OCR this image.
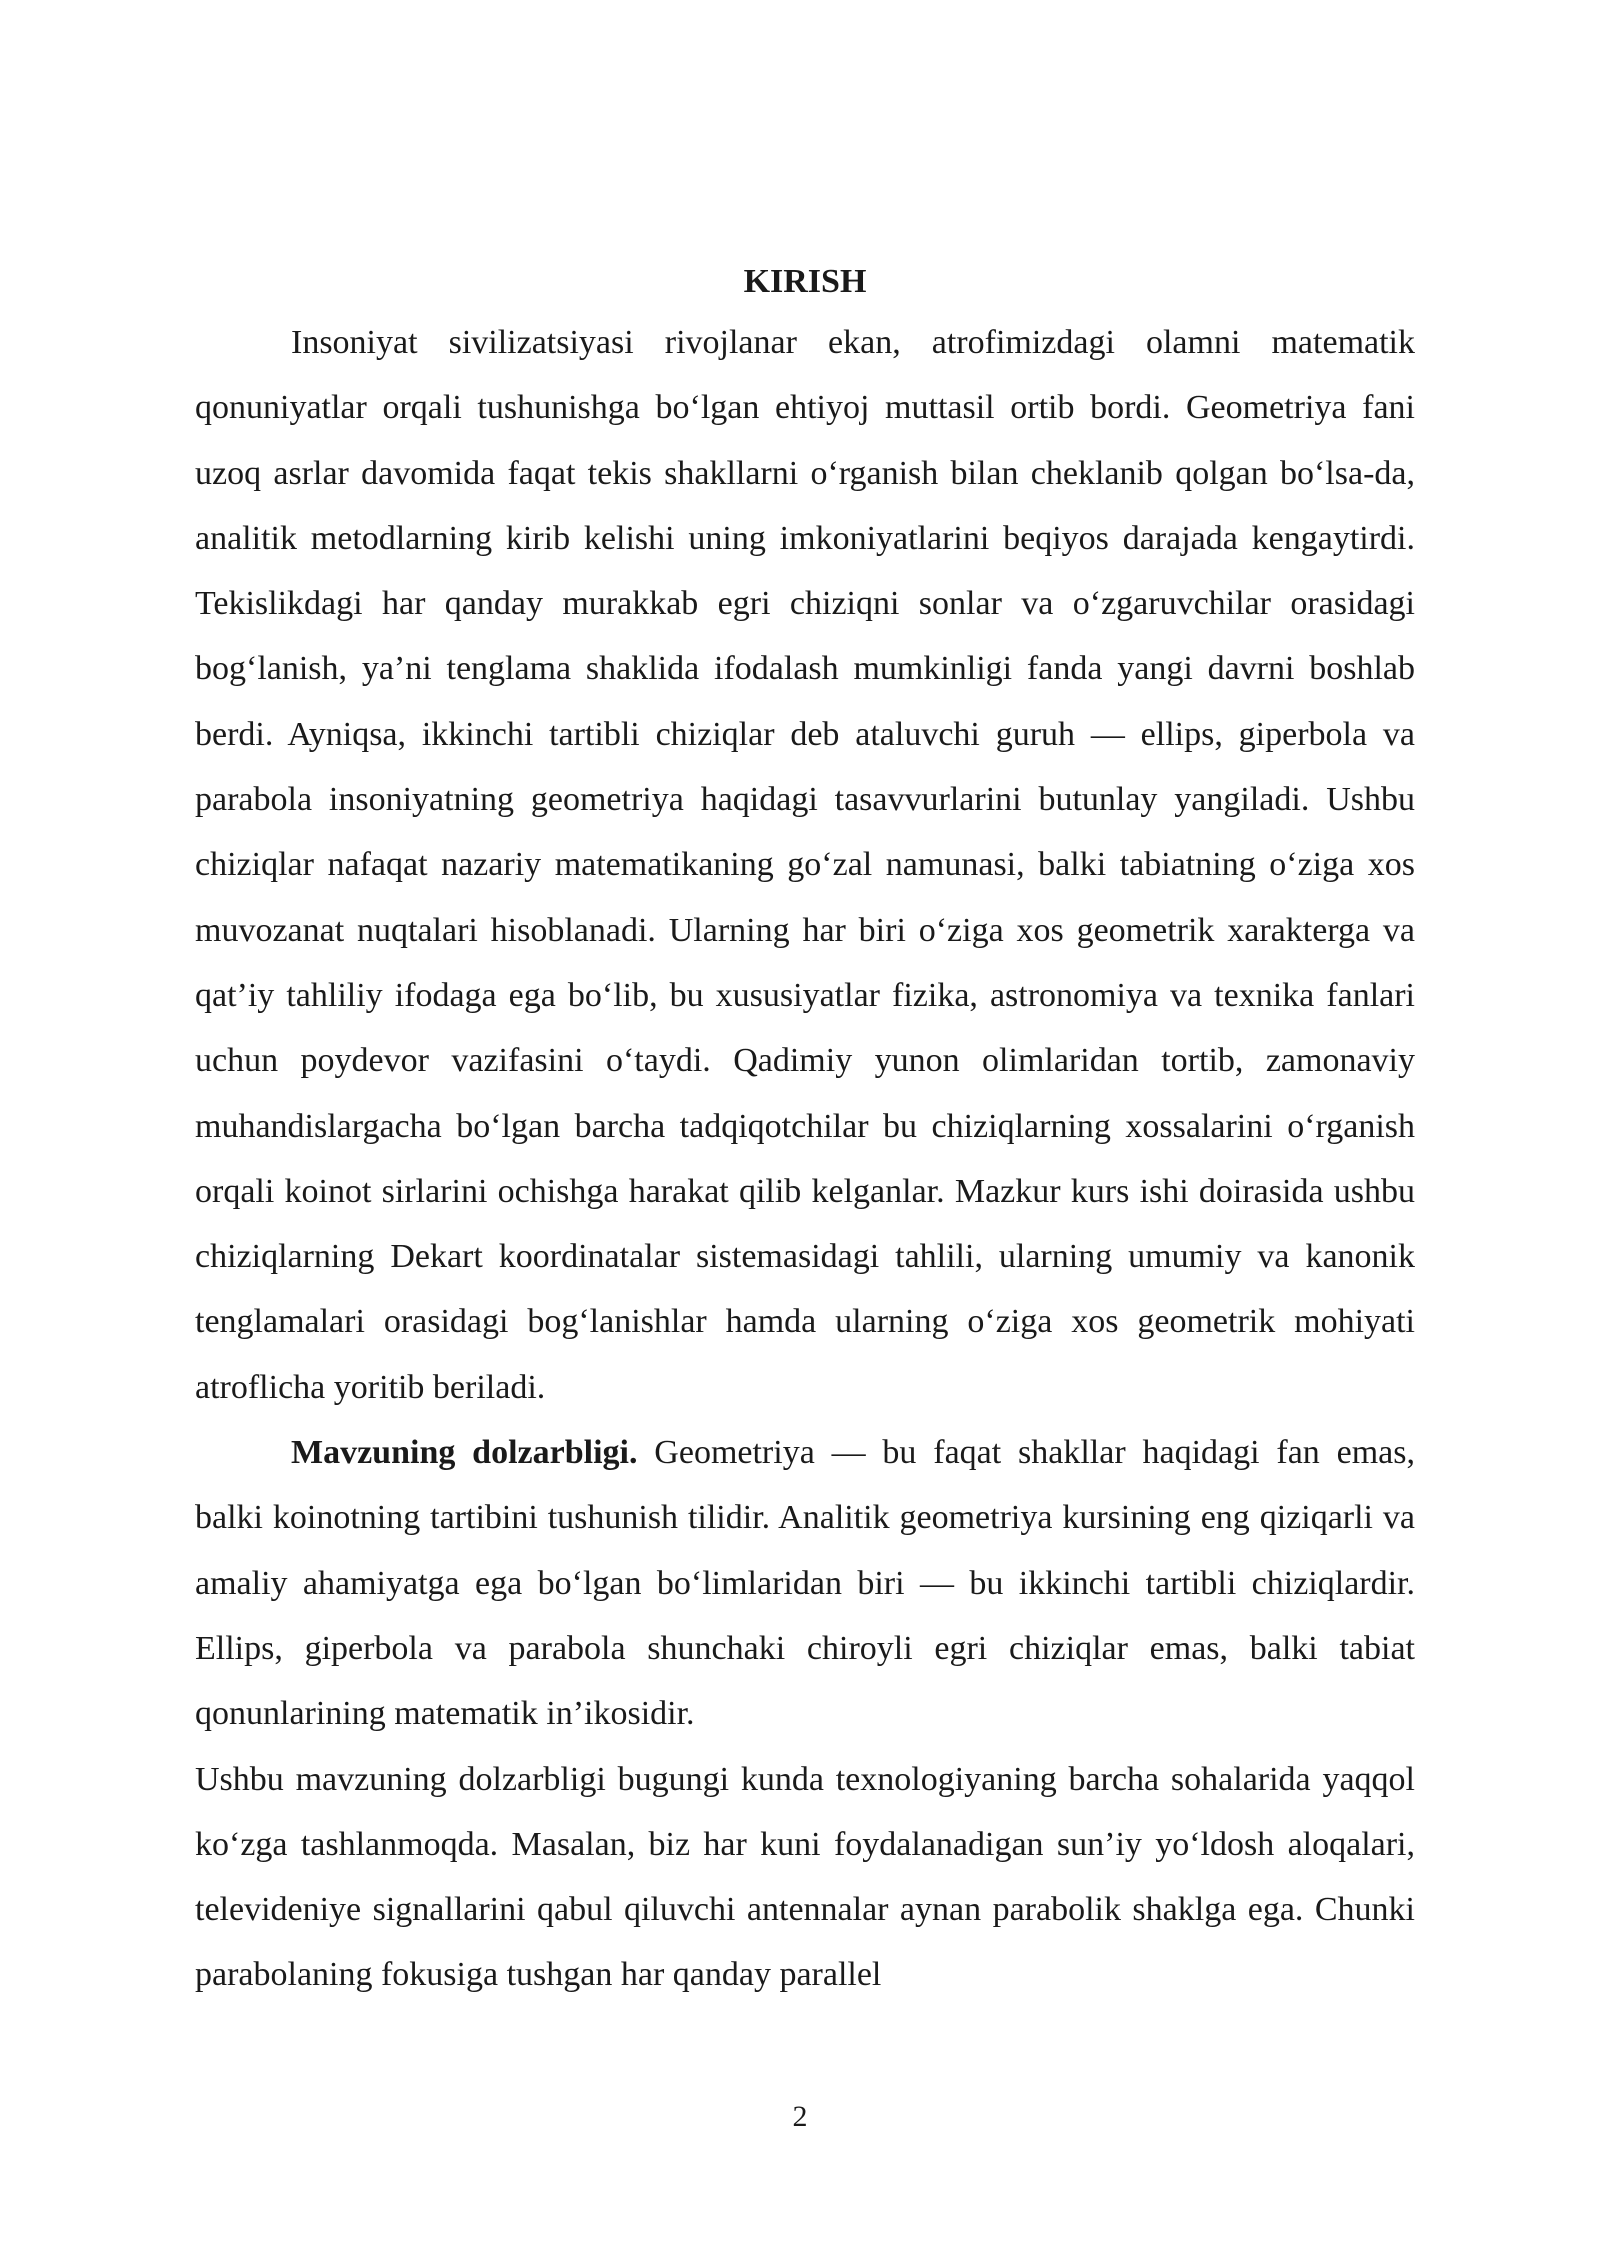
KIRISH

Insoniyat sivilizatsiyasi rivojlanar ekan, atrofimizdagi olamni matematik qonuniyatlar orqali tushunishga bo‘lgan ehtiyoj muttasil ortib bordi. Geometriya fani uzoq asrlar davomida faqat tekis shakllarni o‘rganish bilan cheklanib qolgan bo‘lsa-da, analitik metodlarning kirib kelishi uning imkoniyatlarini beqiyos darajada kengaytirdi. Tekislikdagi har qanday murakkab egri chiziqni sonlar va o‘zgaruvchilar orasidagi bog‘lanish, ya’ni tenglama shaklida ifodalash mumkinligi fanda yangi davrni boshlab berdi. Ayniqsa, ikkinchi tartibli chiziqlar deb ataluvchi guruh — ellips, giperbola va parabola insoniyatning geometriya haqidagi tasavvurlarini butunlay yangiladi. Ushbu chiziqlar nafaqat nazariy matematikaning go‘zal namunasi, balki tabiatning o‘ziga xos muvozanat nuqtalari hisoblanadi. Ularning har biri o‘ziga xos geometrik xarakterga va qat’iy tahliliy ifodaga ega bo‘lib, bu xususiyatlar fizika, astronomiya va texnika fanlari uchun poydevor vazifasini o‘taydi. Qadimiy yunon olimlaridan tortib, zamonaviy muhandislargacha bo‘lgan barcha tadqiqotchilar bu chiziqlarning xossalarini o‘rganish orqali koinot sirlarini ochishga harakat qilib kelganlar. Mazkur kurs ishi doirasida ushbu chiziqlarning Dekart koordinatalar sistemasidagi tahlili, ularning umumiy va kanonik tenglamalari orasidagi bog‘lanishlar hamda ularning o‘ziga xos geometrik mohiyati atroflicha yoritib beriladi.

Mavzuning dolzarbligi. Geometriya — bu faqat shakllar haqidagi fan emas, balki koinotning tartibini tushunish tilidir. Analitik geometriya kursining eng qiziqarli va amaliy ahamiyatga ega bo‘lgan bo‘limlaridan biri — bu ikkinchi tartibli chiziqlardir. Ellips, giperbola va parabola shunchaki chiroyli egri chiziqlar emas, balki tabiat qonunlarining matematik in’ikosidir.

Ushbu mavzuning dolzarbligi bugungi kunda texnologiyaning barcha sohalarida yaqqol ko‘zga tashlanmoqda. Masalan, biz har kuni foydalanadigan sun’iy yo‘ldosh aloqalari, televideniye signallarini qabul qiluvchi antennalar aynan parabolik shaklga ega. Chunki parabolaning fokusiga tushgan har qanday parallel

2
